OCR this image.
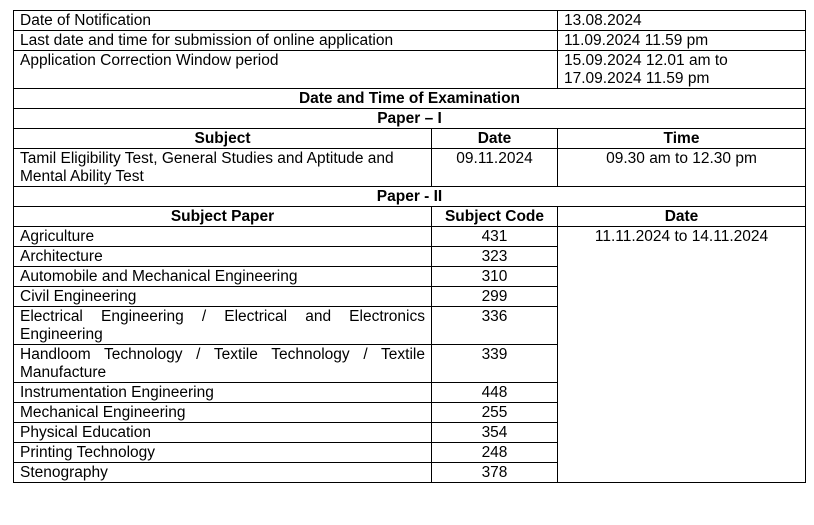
Date of Notification		13.08.2024
Last date and time for submission of online application		11.09.2024 11.59 pm
Application Correction Window period		15.09.2024 12.01 am to 17.09.2024 11.59 pm
Date and Time of Examination		
Paper – I		
Subject	Date	Time
Tamil Eligibility Test, General Studies and Aptitude and Mental Ability Test	09.11.2024	09.30 am to 12.30 pm
Paper - II		
Subject Paper	Subject Code	Date
Agriculture	431	11.11.2024 to 14.11.2024
Architecture	323	
Automobile and Mechanical Engineering	310	
Civil Engineering	299	
Electrical Engineering / Electrical and Electronics Engineering	336	
Handloom Technology / Textile Technology / Textile Manufacture	339	
Instrumentation Engineering	448	
Mechanical Engineering	255	
Physical Education	354	
Printing Technology	248	
Stenography	378	
